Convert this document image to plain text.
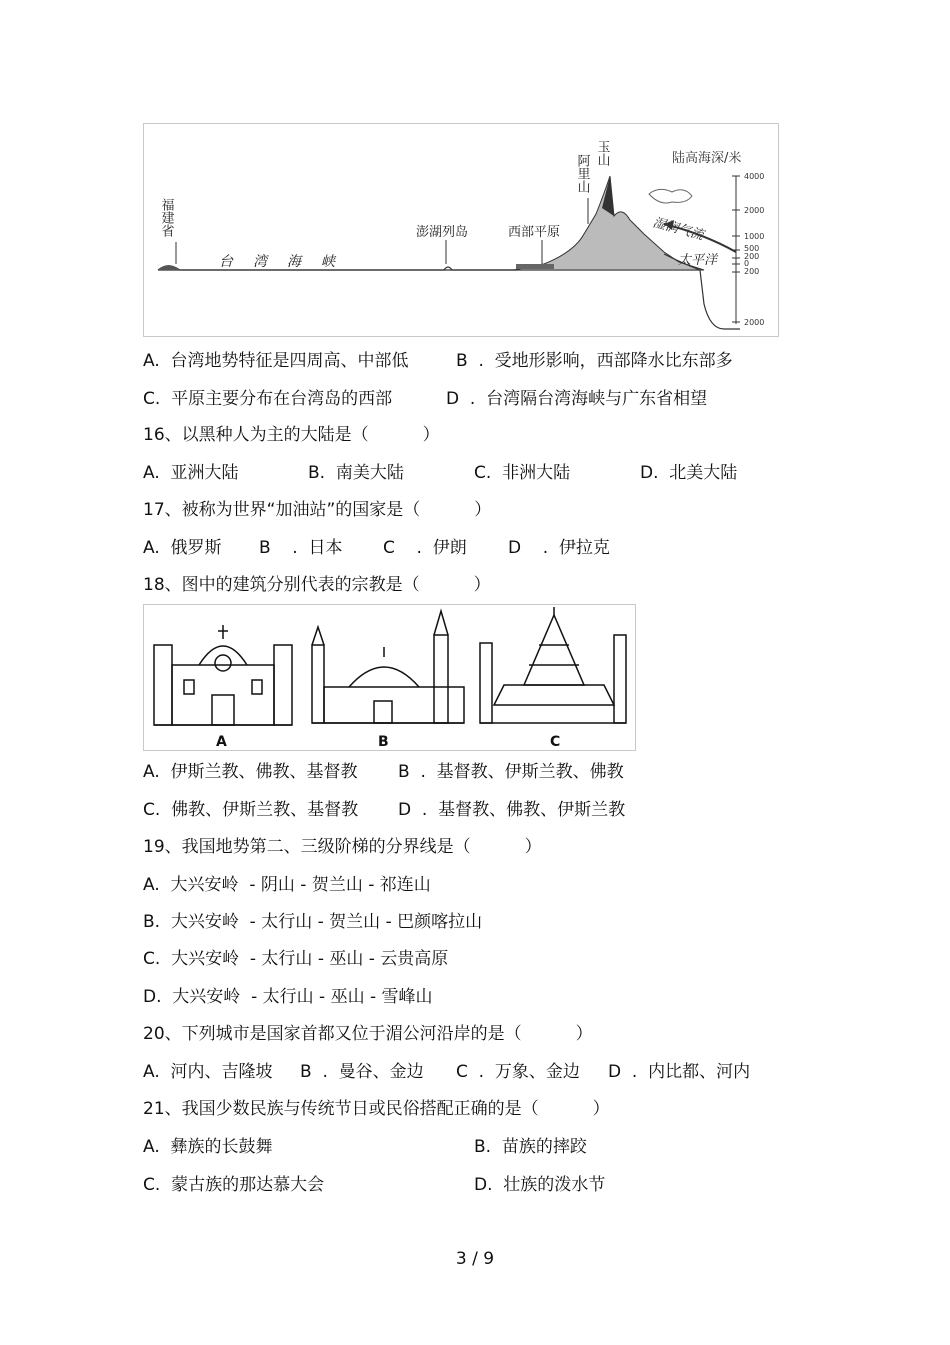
4000
2000
1000
500
200
0
200
2000
陆高海深/米
玉山
阿里山
福建省
台湾海峡
澎湖列岛	西部平原	湿润气流
太平洋
A.  台湾地势特征是四周高、中部低	B  .  受地形影响，西部降水比东部多
C.  平原主要分布在台湾岛的西部	D  .  台湾隔台湾海峡与广东省相望
16、以黑种人为主的大陆是（          ）
A.  亚洲大陆	B.  南美大陆	C.  非洲大陆	D.  北美大陆
17、被称为世界“加油站”的国家是（          ）
A.  俄罗斯 B    .  日本 C    .  伊朗 D    .  伊拉克
18、图中的建筑分别代表的宗教是（          ）
A	B	C
A.  伊斯兰教、佛教、基督教 B  .  基督教、伊斯兰教、佛教
C.  佛教、伊斯兰教、基督教 D  .  基督教、佛教、伊斯兰教
19、我国地势第二、三级阶梯的分界线是（          ）
A.  大兴安岭  - 阴山 - 贺兰山 - 祁连山
B.  大兴安岭  - 太行山 - 贺兰山 - 巴颜喀拉山
C.  大兴安岭  - 太行山 - 巫山 - 云贵高原
D.  大兴安岭  - 太行山 - 巫山 - 雪峰山
20、下列城市是国家首都又位于湄公河沿岸的是（          ）
A.  河内、吉隆坡 B  .  曼谷、金边 C  .  万象、金边 D  .  内比都、河内
21、我国少数民族与传统节日或民俗搭配正确的是（          ）
A.  彝族的长鼓舞	B.  苗族的摔跤
C.  蒙古族的那达慕大会	D.  壮族的泼水节
3 / 9
